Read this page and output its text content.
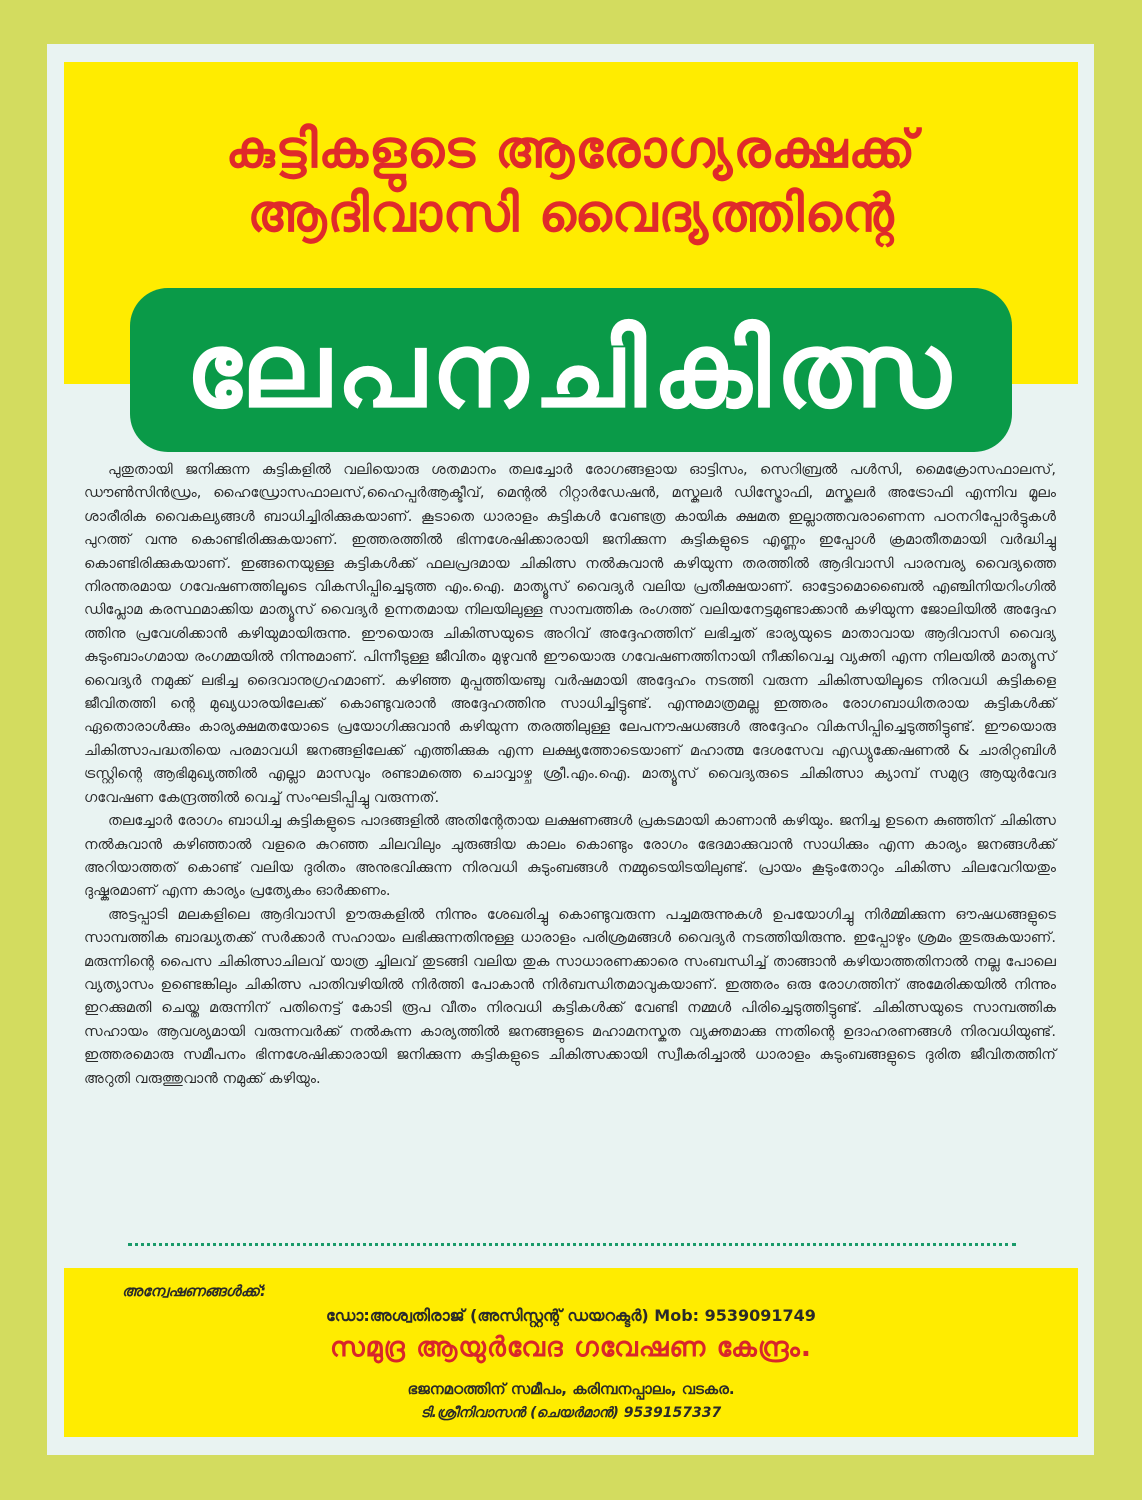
കുട്ടികളുടെ ആരോഗ്യരക്ഷക്ക്
ആദിവാസി വൈദ്യത്തിന്റെ
ലേപനചികിത്സ

പുതുതായി ജനിക്കുന്ന കുട്ടികളിൽ വലിയൊരു ശതമാനം തലച്ചോർ രോഗങ്ങളായ ഓട്ടിസം, സെറിബ്രൽ പൾസി, മൈക്രോസഫാലസ്, ഡൗൺസിൻഡ്രം, ഹൈഡ്രോസഫാലസ്,ഹൈപ്പർആക്ടീവ്, മെന്റൽ റിറ്റാർഡേഷൻ, മസ്കുലർ ഡിസ്ട്രോഫി, മസ്കുലർ അട്രോഫി എന്നിവ മൂലം ശാരീരിക വൈകല്യങ്ങൾ ബാധിച്ചിരിക്കുകയാണ്. കൂടാതെ ധാരാളം കുട്ടികൾ വേണ്ടത്ര കായിക ക്ഷമത ഇല്ലാത്തവരാണെന്ന പഠനറിപ്പോർട്ടുകൾ പുറത്ത് വന്നു കൊണ്ടിരിക്കുകയാണ്. ഇത്തരത്തിൽ ഭിന്നശേഷിക്കാരായി ജനിക്കുന്ന കുട്ടികളുടെ എണ്ണം ഇപ്പോൾ ക്രമാതീതമായി വർദ്ധിച്ചു കൊണ്ടിരിക്കുകയാണ്. ഇങ്ങനെയുള്ള കുട്ടികൾക്ക് ഫലപ്രദമായ ചികിത്സ നൽകുവാൻ കഴിയുന്ന തരത്തിൽ ആദിവാസി പാരമ്പര്യ വൈദ്യത്തെ നിരന്തരമായ ഗവേഷണത്തിലൂടെ വികസിപ്പിച്ചെടുത്ത എം.ഐ. മാത്യൂസ് വൈദ്യർ വലിയ പ്രതീക്ഷയാണ്. ഓട്ടോമൊബൈൽ എഞ്ചിനിയറിംഗിൽ ഡിപ്ലോമ കരസ്ഥമാക്കിയ മാത്യൂസ് വൈദ്യർ ഉന്നതമായ നിലയിലുള്ള സാമ്പത്തിക രംഗത്ത് വലിയനേട്ടമുണ്ടാക്കാൻ കഴിയുന്ന ജോലിയിൽ അദ്ദേഹ ത്തിനു പ്രവേശിക്കാൻ കഴിയുമായിരുന്നു. ഈയൊരു ചികിത്സയുടെ അറിവ് അദ്ദേഹത്തിന് ലഭിച്ചത് ഭാര്യയുടെ മാതാവായ ആദിവാസി വൈദ്യ കുടുംബാംഗമായ രംഗമ്മയിൽ നിന്നുമാണ്. പിന്നീടുള്ള ജീവിതം മുഴുവൻ ഈയൊരു ഗവേഷണത്തിനായി നീക്കിവെച്ച വ്യക്തി എന്ന നിലയിൽ മാത്യൂസ് വൈദ്യർ നമുക്ക് ലഭിച്ച ദൈവാനുഗ്രഹമാണ്. കഴിഞ്ഞ മുപ്പത്തിയഞ്ചു വർഷമായി അദ്ദേഹം നടത്തി വരുന്ന ചികിത്സയിലൂടെ നിരവധി കുട്ടികളെ ജീവിതത്തി ന്റെ മുഖ്യധാരയിലേക്ക് കൊണ്ടുവരാൻ അദ്ദേഹത്തിനു സാധിച്ചിട്ടുണ്ട്. എന്നുമാത്രമല്ല ഇത്തരം രോഗബാധിതരായ കുട്ടികൾക്ക് ഏതൊരാൾക്കും കാര്യക്ഷമതയോടെ പ്രയോഗിക്കുവാൻ കഴിയുന്ന തരത്തിലുള്ള ലേപനൗഷധങ്ങൾ അദ്ദേഹം വികസിപ്പിച്ചെടുത്തിട്ടുണ്ട്. ഈയൊരു ചികിത്സാപദ്ധതിയെ പരമാവധി ജനങ്ങളിലേക്ക് എത്തിക്കുക എന്ന ലക്ഷ്യത്തോടെയാണ് മഹാത്മ ദേശസേവ എഡ്യുക്കേഷണൽ & ചാരിറ്റബിൾ ട്രസ്റ്റിന്റെ ആഭിമുഖ്യത്തിൽ എല്ലാ മാസവും രണ്ടാമത്തെ ചൊവ്വാഴ്ച ശ്രീ.എം.ഐ. മാത്യൂസ് വൈദ്യരുടെ ചികിത്സാ ക്യാമ്പ് സമുദ്ര ആയുർവേദ ഗവേഷണ കേന്ദ്രത്തിൽ വെച്ച് സംഘടിപ്പിച്ചു വരുന്നത്.

തലച്ചോർ രോഗം ബാധിച്ച കുട്ടികളുടെ പാദങ്ങളിൽ അതിന്റേതായ ലക്ഷണങ്ങൾ പ്രകടമായി കാണാൻ കഴിയും. ജനിച്ച ഉടനെ കുഞ്ഞിന് ചികിത്സ നൽകുവാൻ കഴിഞ്ഞാൽ വളരെ കുറഞ്ഞ ചിലവിലും ചുരുങ്ങിയ കാലം കൊണ്ടും രോഗം ഭേദമാക്കുവാൻ സാധിക്കും എന്ന കാര്യം ജനങ്ങൾക്ക് അറിയാത്തത് കൊണ്ട് വലിയ ദുരിതം അനുഭവിക്കുന്ന നിരവധി കുടുംബങ്ങൾ നമ്മുടെയിടയിലുണ്ട്. പ്രായം കൂടുംതോറും ചികിത്സ ചിലവേറിയതും ദുഷ്കരമാണ് എന്ന കാര്യം പ്രത്യേകം ഓർക്കണം.

അട്ടപ്പാടി മലകളിലെ ആദിവാസി ഊരുകളിൽ നിന്നും ശേഖരിച്ചു കൊണ്ടുവരുന്ന പച്ചമരുന്നുകൾ ഉപയോഗിച്ചു നിർമ്മിക്കുന്ന ഔഷധങ്ങളുടെ സാമ്പത്തിക ബാദ്ധ്യതക്ക് സർക്കാർ സഹായം ലഭിക്കുന്നതിനുള്ള ധാരാളം പരിശ്രമങ്ങൾ വൈദ്യർ നടത്തിയിരുന്നു. ഇപ്പോഴും ശ്രമം തുടരുകയാണ്. മരുന്നിന്റെ പൈസ ചികിത്സാചിലവ് യാത്ര ച്ചിലവ് തുടങ്ങി വലിയ തുക സാധാരണക്കാരെ സംബന്ധിച്ച് താങ്ങാൻ കഴിയാത്തതിനാൽ നല്ല പോലെ വ്യത്യാസം ഉണ്ടെങ്കിലും ചികിത്സ പാതിവഴിയിൽ നിർത്തി പോകാൻ നിർബന്ധിതമാവുകയാണ്. ഇത്തരം ഒരു രോഗത്തിന് അമേരിക്കയിൽ നിന്നും ഇറക്കുമതി ചെയ്ത മരുന്നിന് പതിനെട്ട് കോടി രൂപ വീതം നിരവധി കുട്ടികൾക്ക് വേണ്ടി നമ്മൾ പിരിച്ചെടുത്തിട്ടുണ്ട്. ചികിത്സയുടെ സാമ്പത്തിക സഹായം ആവശ്യമായി വരുന്നവർക്ക് നൽകുന്ന കാര്യത്തിൽ ജനങ്ങളുടെ മഹാമനസ്കത വ്യക്തമാക്കു ന്നതിന്റെ ഉദാഹരണങ്ങൾ നിരവധിയുണ്ട്. ഇത്തരമൊരു സമീപനം ഭിന്നശേഷിക്കാരായി ജനിക്കുന്ന കുട്ടികളുടെ ചികിത്സക്കായി സ്വീകരിച്ചാൽ ധാരാളം കുടുംബങ്ങളുടെ ദുരിത ജീവിതത്തിന് അറുതി വരുത്തുവാൻ നമുക്ക് കഴിയും.

അന്വേഷണങ്ങൾക്ക്:
ഡോ:അശ്വതിരാജ് (അസിസ്റ്റന്റ് ഡയറക്ടർ) Mob: 9539091749
സമുദ്ര ആയുർവേദ ഗവേഷണ കേന്ദ്രം.
ഭജനമഠത്തിന് സമീപം, കരിമ്പനപ്പാലം, വടകര.
ടി.ശ്രീനിവാസൻ (ചെയർമാൻ) 9539157337
